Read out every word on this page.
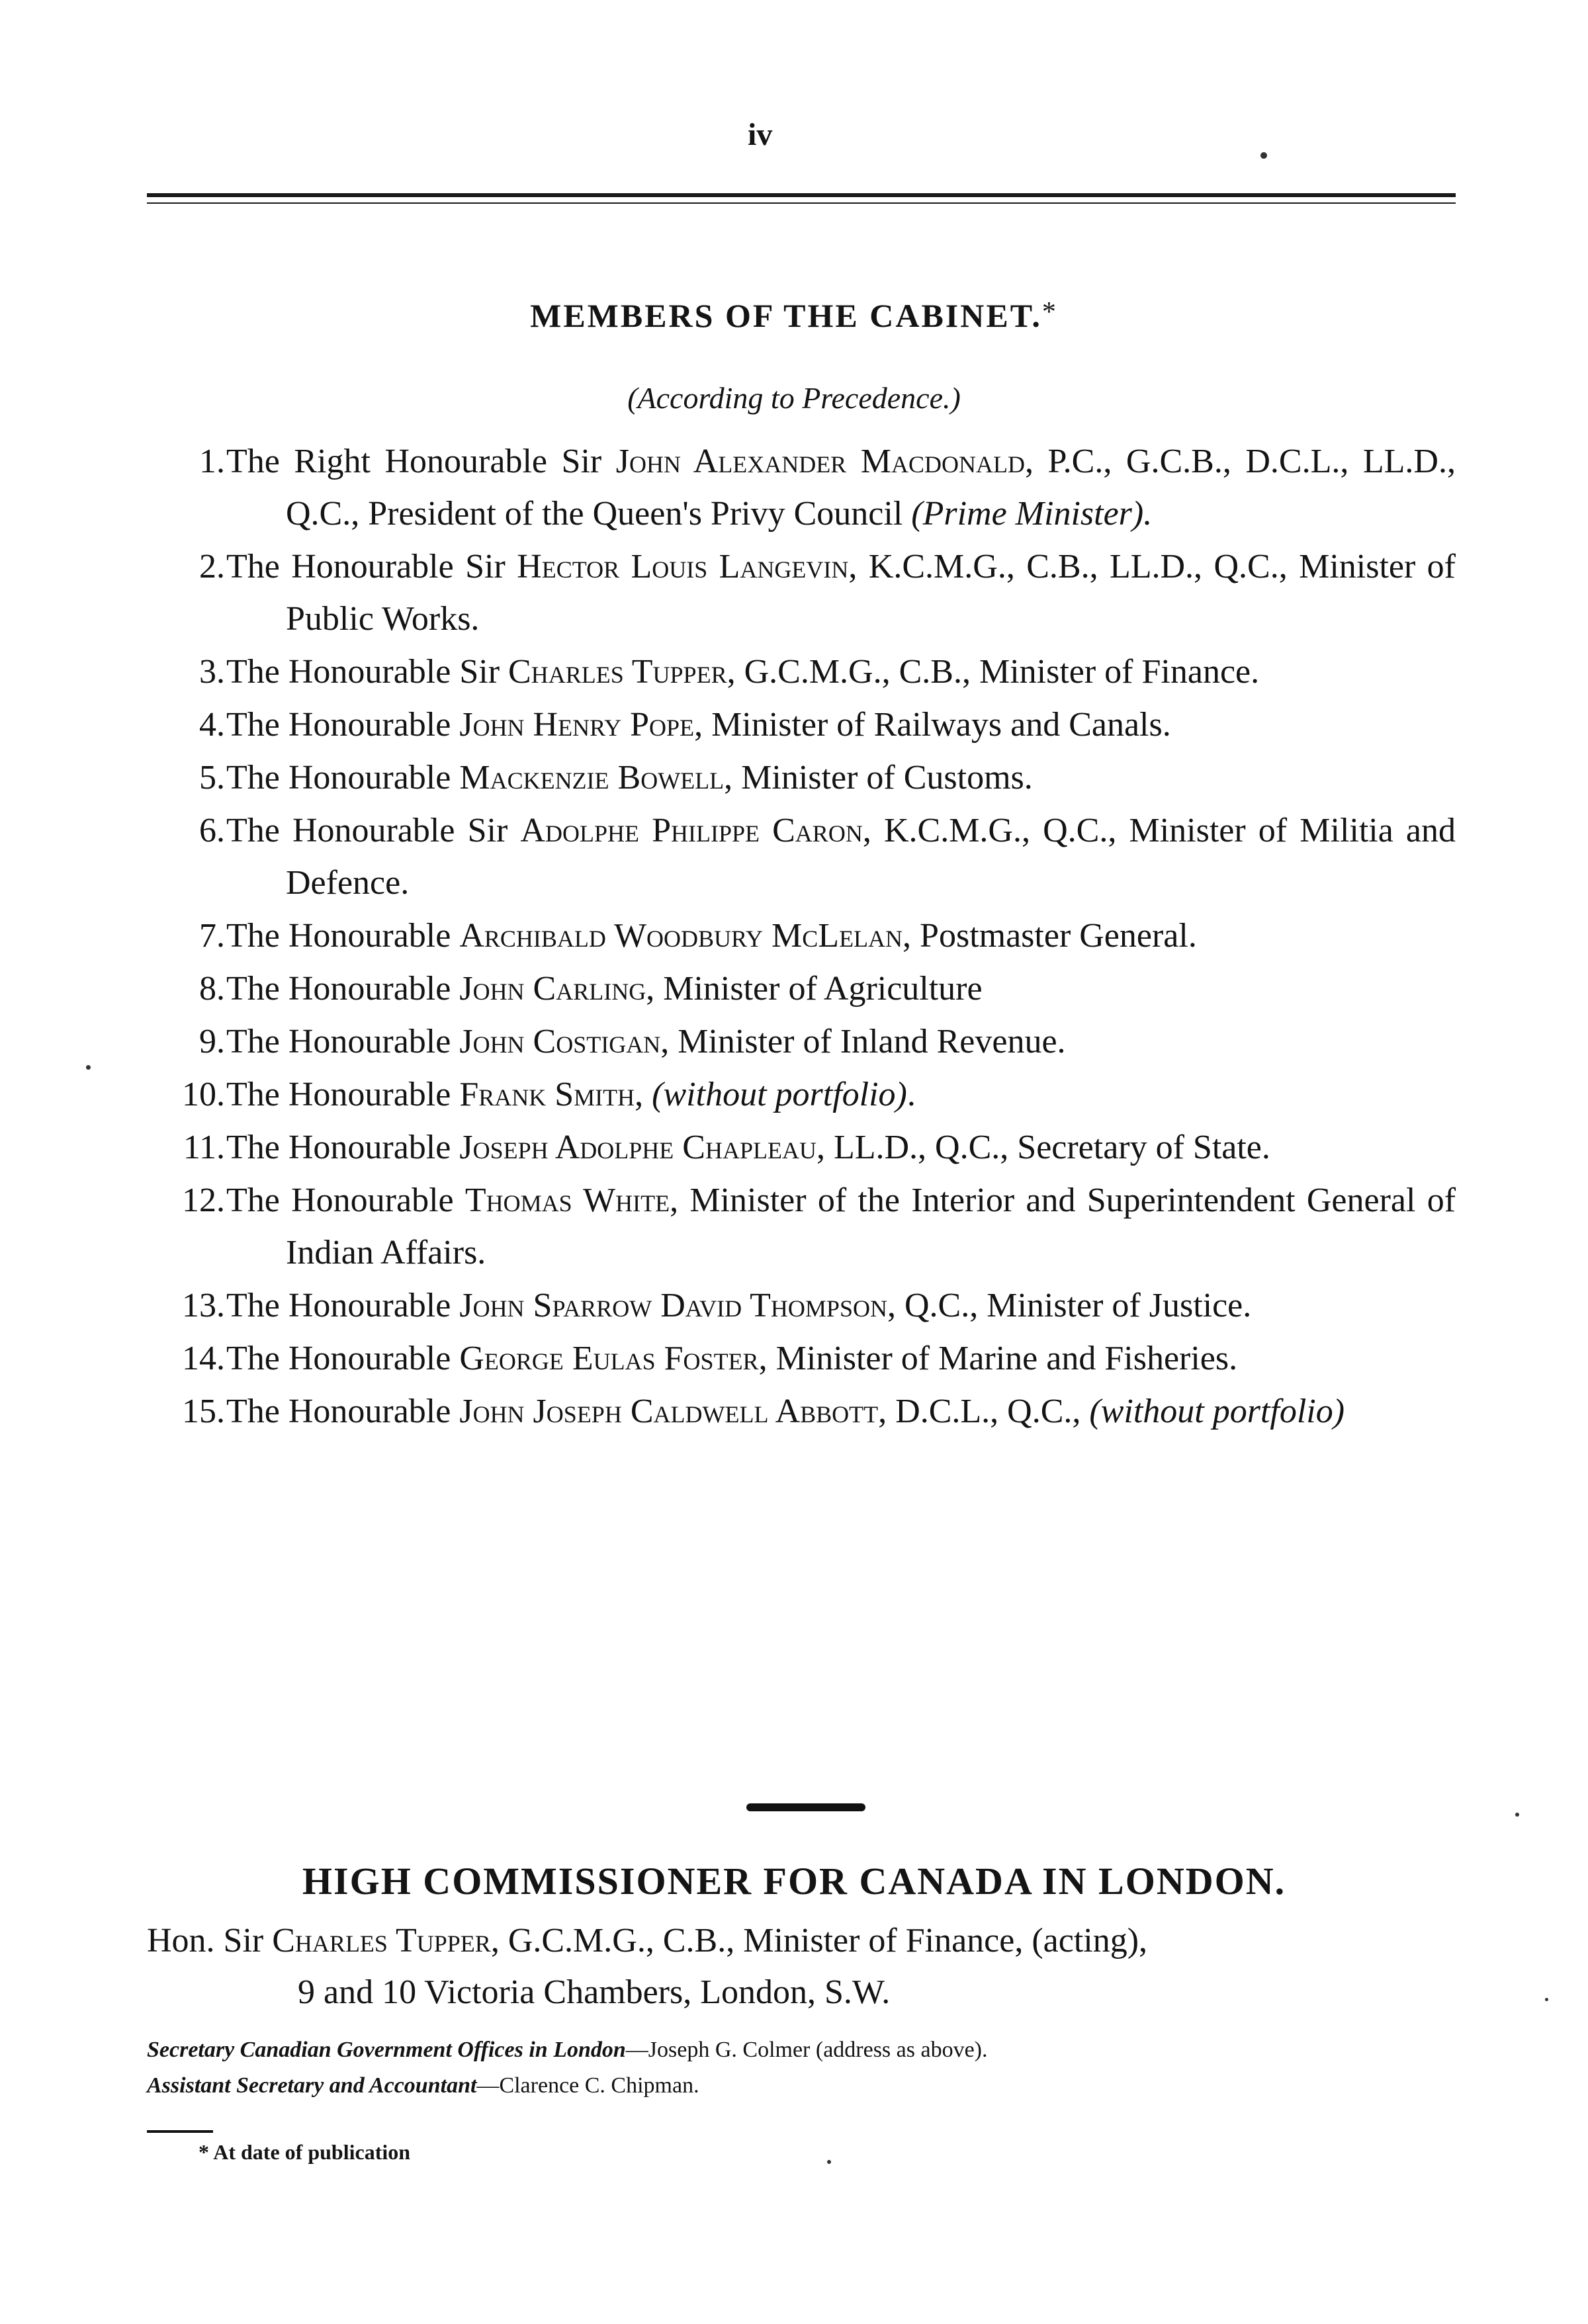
iv
MEMBERS OF THE CABINET.*
(According to Precedence.)
1. The Right Honourable Sir John Alexander Macdonald, P.C., G.C.B., D.C.L., LL.D., Q.C., President of the Queen's Privy Council (Prime Minister).
2. The Honourable Sir Hector Louis Langevin, K.C.M.G., C.B., LL.D., Q.C., Minister of Public Works.
3. The Honourable Sir Charles Tupper, G.C.M.G., C.B., Minister of Finance.
4. The Honourable John Henry Pope, Minister of Railways and Canals.
5. The Honourable Mackenzie Bowell, Minister of Customs.
6. The Honourable Sir Adolphe Philippe Caron, K.C.M.G., Q.C., Minister of Militia and Defence.
7. The Honourable Archibald Woodbury McLelan, Postmaster General.
8. The Honourable John Carling, Minister of Agriculture
9. The Honourable John Costigan, Minister of Inland Revenue.
10. The Honourable Frank Smith, (without portfolio).
11. The Honourable Joseph Adolphe Chapleau, LL.D., Q.C., Secretary of State.
12. The Honourable Thomas White, Minister of the Interior and Superintendent General of Indian Affairs.
13. The Honourable John Sparrow David Thompson, Q.C., Minister of Justice.
14. The Honourable George Eulas Foster, Minister of Marine and Fisheries.
15. The Honourable John Joseph Caldwell Abbott, D.C.L., Q.C., (without portfolio)
HIGH COMMISSIONER FOR CANADA IN LONDON.
Hon. Sir Charles Tupper, G.C.M.G., C.B., Minister of Finance, (acting),
9 and 10 Victoria Chambers, London, S.W.
Secretary Canadian Government Offices in London—Joseph G. Colmer (address as above).
Assistant Secretary and Accountant—Clarence C. Chipman.
* At date of publication
